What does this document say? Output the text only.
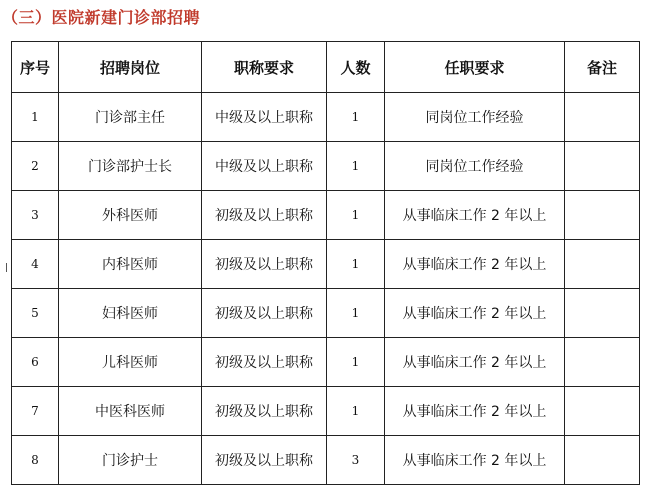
（三）医院新建门诊部招聘
序号	招聘岗位	职称要求	人数	任职要求	备注
1	门诊部主任	中级及以上职称	1	同岗位工作经验	
2	门诊部护士长	中级及以上职称	1	同岗位工作经验	
3	外科医师	初级及以上职称	1	从事临床工作 2 年以上	
4	内科医师	初级及以上职称	1	从事临床工作 2 年以上	
5	妇科医师	初级及以上职称	1	从事临床工作 2 年以上	
6	儿科医师	初级及以上职称	1	从事临床工作 2 年以上	
7	中医科医师	初级及以上职称	1	从事临床工作 2 年以上	
8	门诊护士	初级及以上职称	3	从事临床工作 2 年以上	
